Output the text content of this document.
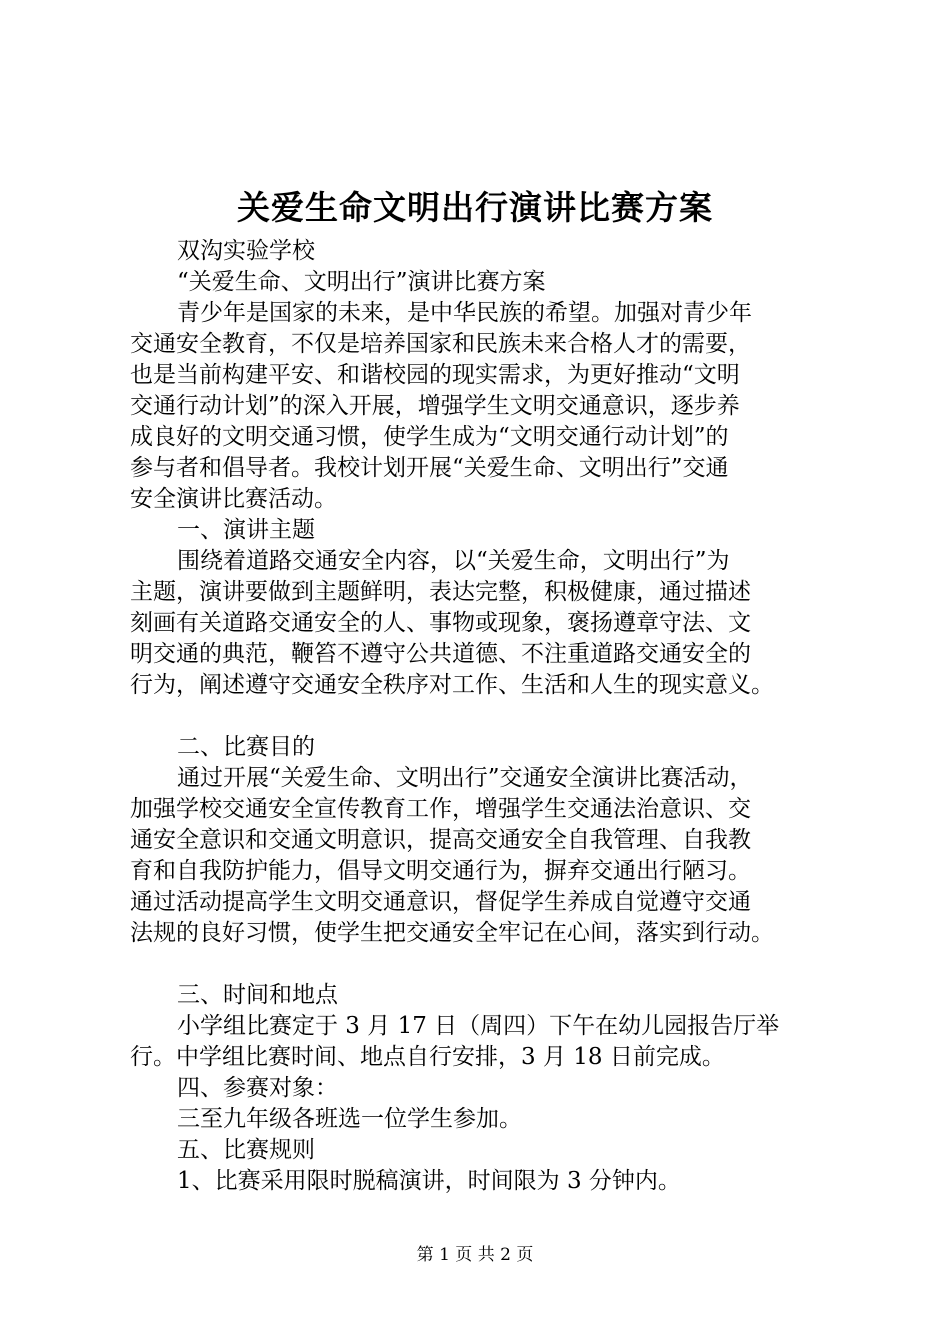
关爱生命文明出行演讲比赛方案
双沟实验学校
“关爱生命、文明出行”演讲比赛方案
青少年是国家的未来，是中华民族的希望。加强对青少年
交通安全教育，不仅是培养国家和民族未来合格人才的需要，
也是当前构建平安、和谐校园的现实需求，为更好推动“文明
交通行动计划”的深入开展，增强学生文明交通意识，逐步养
成良好的文明交通习惯，使学生成为“文明交通行动计划”的
参与者和倡导者。我校计划开展“关爱生命、文明出行”交通
安全演讲比赛活动。
一、演讲主题
围绕着道路交通安全内容，以“关爱生命，文明出行”为
主题，演讲要做到主题鲜明，表达完整，积极健康，通过描述
刻画有关道路交通安全的人、事物或现象，褒扬遵章守法、文
明交通的典范，鞭笞不遵守公共道德、不注重道路交通安全的
行为，阐述遵守交通安全秩序对工作、生活和人生的现实意义。
二、比赛目的
通过开展“关爱生命、文明出行”交通安全演讲比赛活动，
加强学校交通安全宣传教育工作，增强学生交通法治意识、交
通安全意识和交通文明意识，提高交通安全自我管理、自我教
育和自我防护能力，倡导文明交通行为，摒弃交通出行陋习。
通过活动提高学生文明交通意识，督促学生养成自觉遵守交通
法规的良好习惯，使学生把交通安全牢记在心间，落实到行动。
三、时间和地点
小学组比赛定于 3 月 17 日（周四）下午在幼儿园报告厅举
行。中学组比赛时间、地点自行安排，3 月 18 日前完成。
四、参赛对象：
三至九年级各班选一位学生参加。
五、比赛规则
1、比赛采用限时脱稿演讲，时间限为 3 分钟内。
第 1 页 共 2 页
